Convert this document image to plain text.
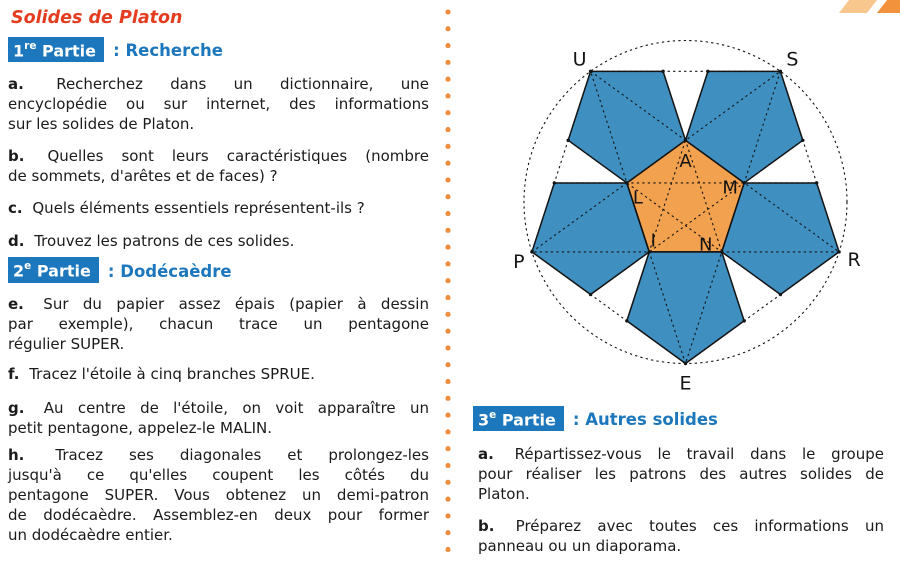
Solides de Platon
1re Partie : Recherche

a. Recherchez dans un dictionnaire, une
encyclopédie ou sur internet, des informations
sur les solides de Platon.

b. Quelles sont leurs caractéristiques (nombre
de sommets, d'arêtes et de faces) ?

c. Quels éléments essentiels représentent-ils ?

d. Trouvez les patrons de ces solides.

2e Partie : Dodécaèdre

e. Sur du papier assez épais (papier à dessin
par exemple), chacun trace un pentagone
régulier SUPER.

f. Tracez l'étoile à cinq branches SPRUE.

g. Au centre de l'étoile, on voit apparaître un
petit pentagone, appelez-le MALIN.

h. Tracez ses diagonales et prolongez-les
jusqu'à ce qu'elles coupent les côtés du
pentagone SUPER. Vous obtenez un demi-patron
de dodécaèdre. Assemblez-en deux pour former
un dodécaèdre entier.

E
P
U	S
R
A
M
N
I
L
3e Partie : Autres solides

a. Répartissez-vous le travail dans le groupe
pour réaliser les patrons des autres solides de
Platon.

b. Préparez avec toutes ces informations un
panneau ou un diaporama.
